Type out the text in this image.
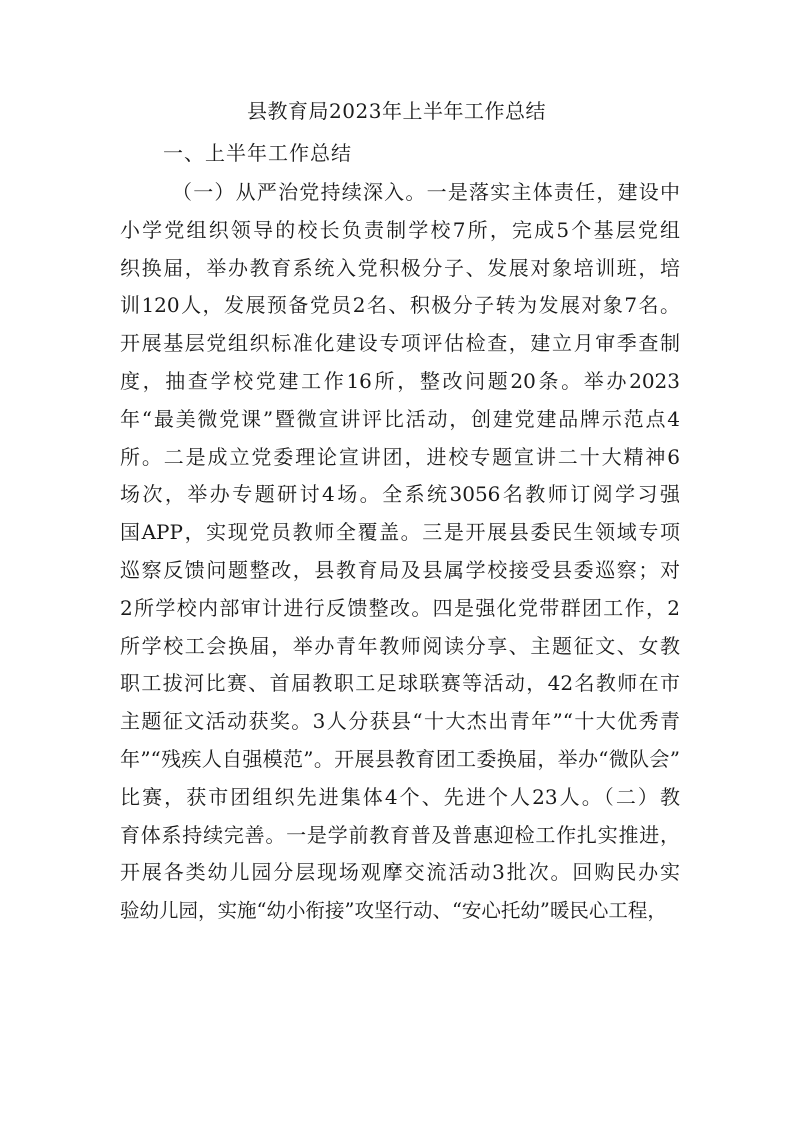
县教育局2023年上半年工作总结
一、上半年工作总结
（一）从严治党持续深入。一是落实主体责任，建设中
小学党组织领导的校长负责制学校7所，完成5个基层党组
织换届，举办教育系统入党积极分子、发展对象培训班，培
训120人，发展预备党员2名、积极分子转为发展对象7名。
开展基层党组织标准化建设专项评估检查，建立月审季查制
度，抽查学校党建工作16所，整改问题20条。举办2023
年“最美微党课”暨微宣讲评比活动，创建党建品牌示范点4
所。二是成立党委理论宣讲团，进校专题宣讲二十大精神6
场次，举办专题研讨4场。全系统3056名教师订阅学习强
国APP，实现党员教师全覆盖。三是开展县委民生领域专项
巡察反馈问题整改，县教育局及县属学校接受县委巡察；对
2所学校内部审计进行反馈整改。四是强化党带群团工作，2
所学校工会换届，举办青年教师阅读分享、主题征文、女教
职工拔河比赛、首届教职工足球联赛等活动，42名教师在市
主题征文活动获奖。3人分获县“十大杰出青年”“十大优秀青
年”“残疾人自强模范”。开展县教育团工委换届，举办“微队会”
比赛，获市团组织先进集体4个、先进个人23人。（二）教
育体系持续完善。一是学前教育普及普惠迎检工作扎实推进，
开展各类幼儿园分层现场观摩交流活动3批次。回购民办实
验幼儿园，实施“幼小衔接”攻坚行动、“安心托幼”暖民心工程，
